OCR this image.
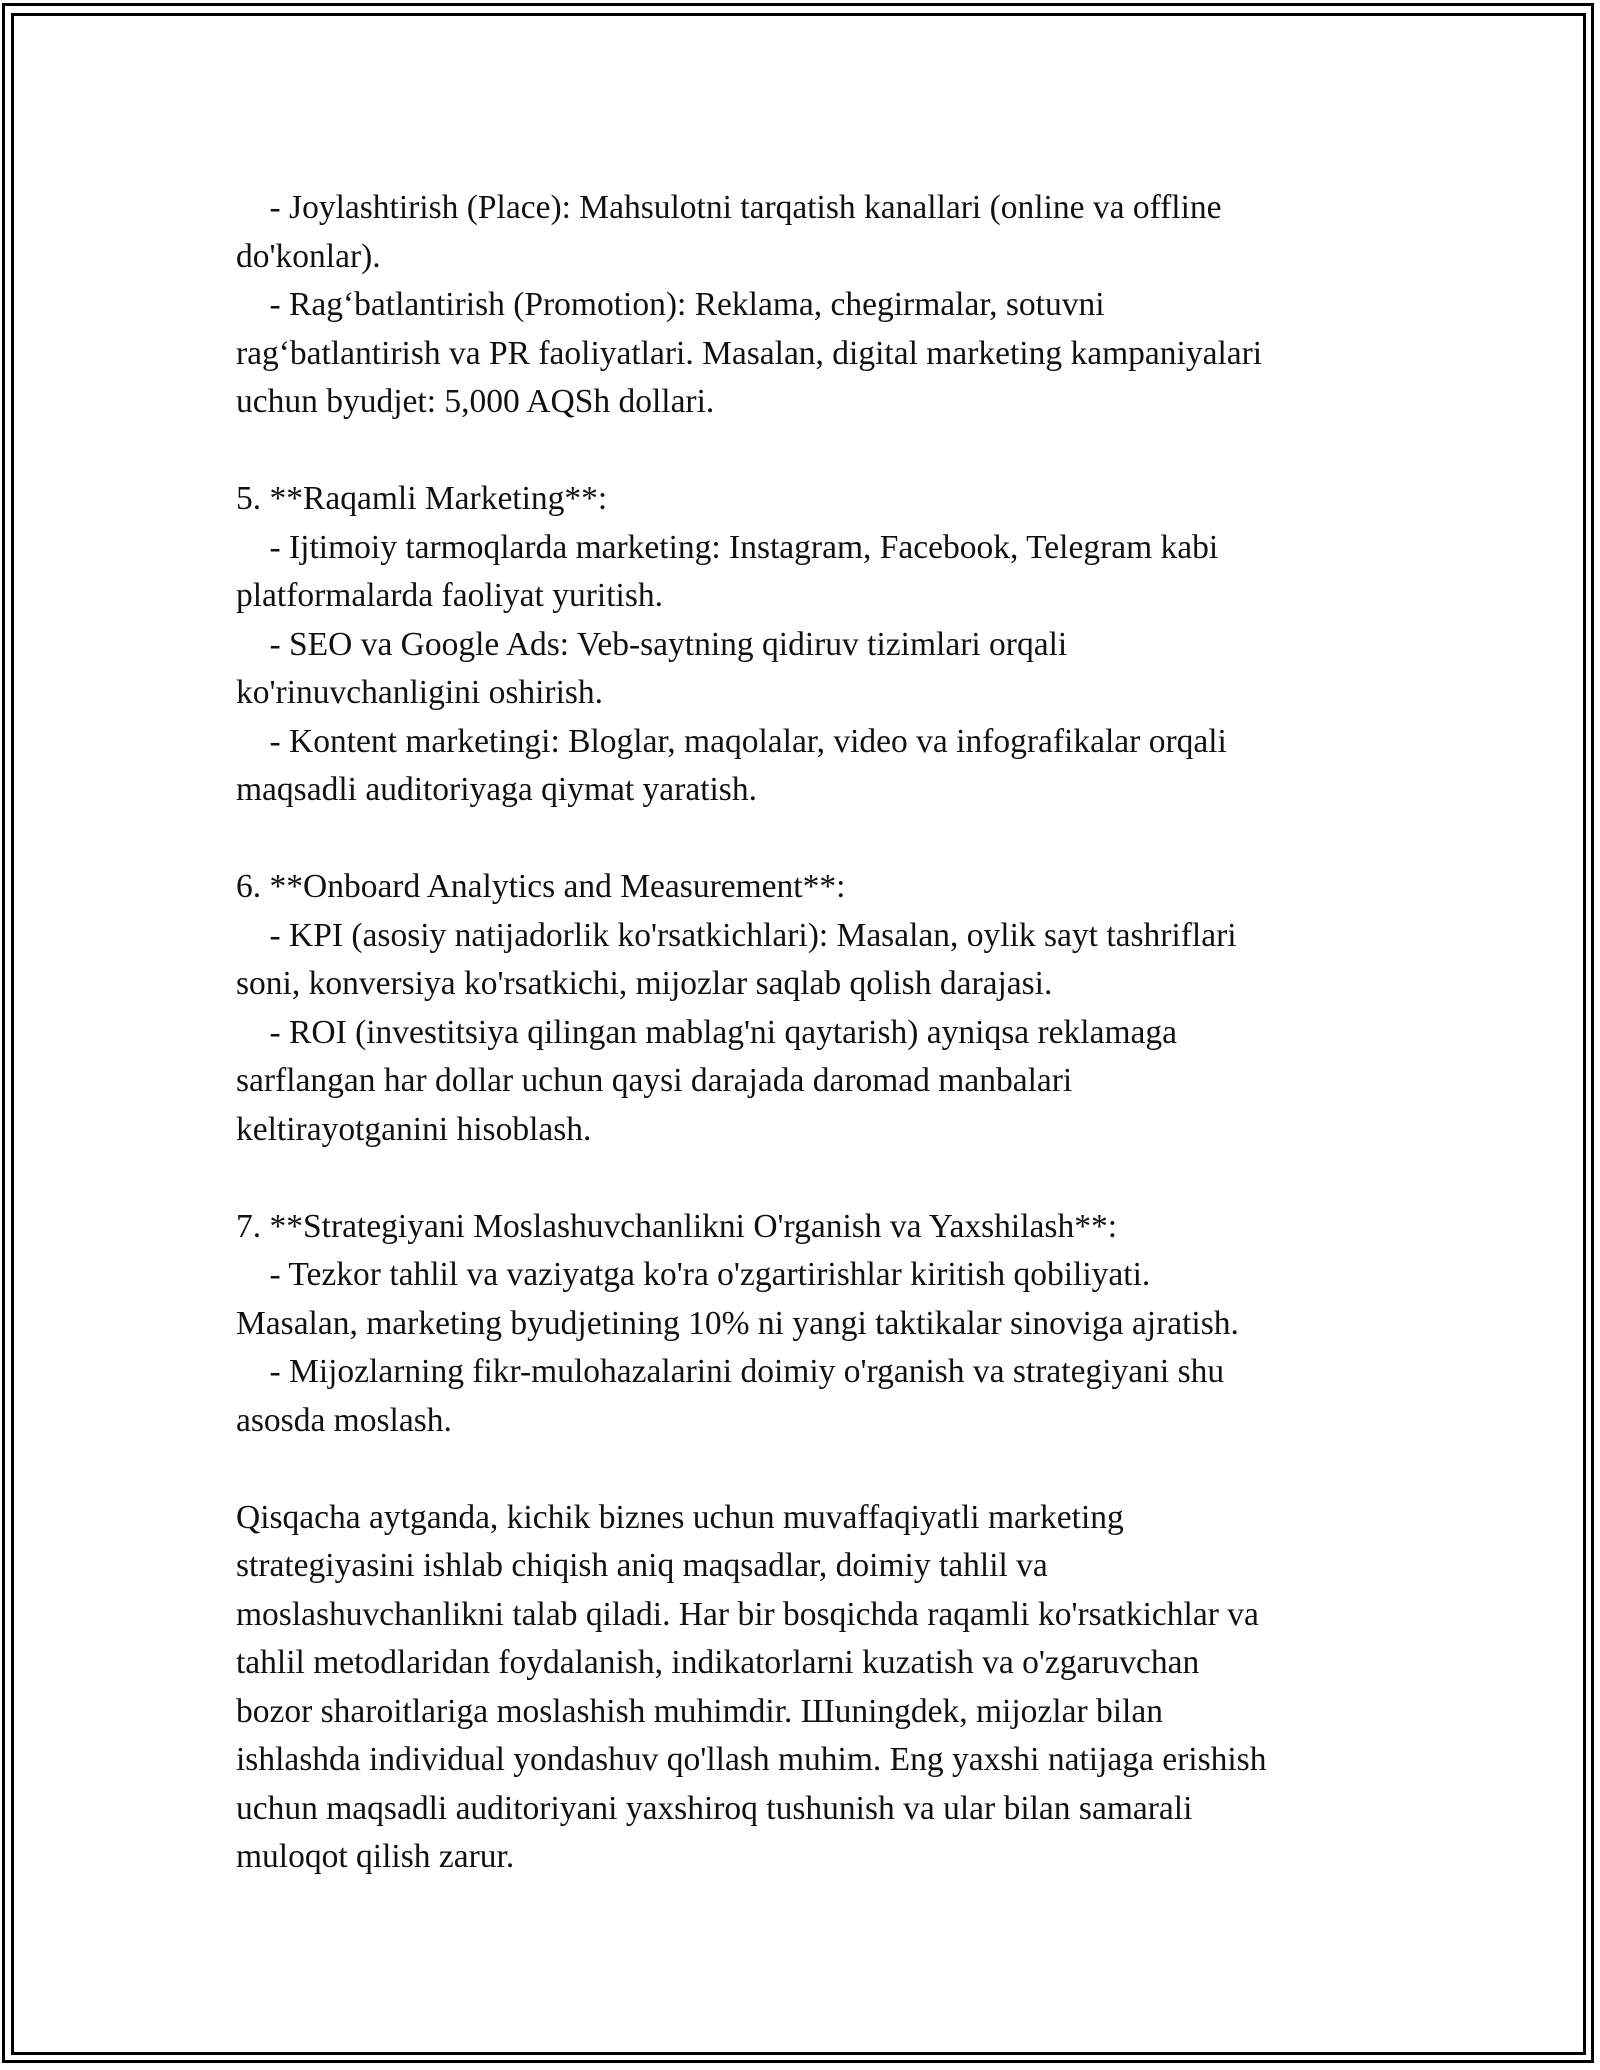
- Joylashtirish (Place): Mahsulotni tarqatish kanallari (online va offline
do'konlar).
- Rag‘batlantirish (Promotion): Reklama, chegirmalar, sotuvni
rag‘batlantirish va PR faoliyatlari. Masalan, digital marketing kampaniyalari
uchun byudjet: 5,000 AQSh dollari.
5. **Raqamli Marketing**:
- Ijtimoiy tarmoqlarda marketing: Instagram, Facebook, Telegram kabi
platformalarda faoliyat yuritish.
- SEO va Google Ads: Veb-saytning qidiruv tizimlari orqali
ko'rinuvchanligini oshirish.
- Kontent marketingi: Bloglar, maqolalar, video va infografikalar orqali
maqsadli auditoriyaga qiymat yaratish.
6. **Onboard Analytics and Measurement**:
- KPI (asosiy natijadorlik ko'rsatkichlari): Masalan, oylik sayt tashriflari
soni, konversiya ko'rsatkichi, mijozlar saqlab qolish darajasi.
- ROI (investitsiya qilingan mablag'ni qaytarish) ayniqsa reklamaga
sarflangan har dollar uchun qaysi darajada daromad manbalari
keltirayotganini hisoblash.
7. **Strategiyani Moslashuvchanlikni O'rganish va Yaxshilash**:
- Tezkor tahlil va vaziyatga ko'ra o'zgartirishlar kiritish qobiliyati.
Masalan, marketing byudjetining 10% ni yangi taktikalar sinoviga ajratish.
- Mijozlarning fikr-mulohazalarini doimiy o'rganish va strategiyani shu
asosda moslash.
Qisqacha aytganda, kichik biznes uchun muvaffaqiyatli marketing
strategiyasini ishlab chiqish aniq maqsadlar, doimiy tahlil va
moslashuvchanlikni talab qiladi. Har bir bosqichda raqamli ko'rsatkichlar va
tahlil metodlaridan foydalanish, indikatorlarni kuzatish va o'zgaruvchan
bozor sharoitlariga moslashish muhimdir. Шuningdek, mijozlar bilan
ishlashda individual yondashuv qo'llash muhim. Eng yaxshi natijaga erishish
uchun maqsadli auditoriyani yaxshiroq tushunish va ular bilan samarali
muloqot qilish zarur.
